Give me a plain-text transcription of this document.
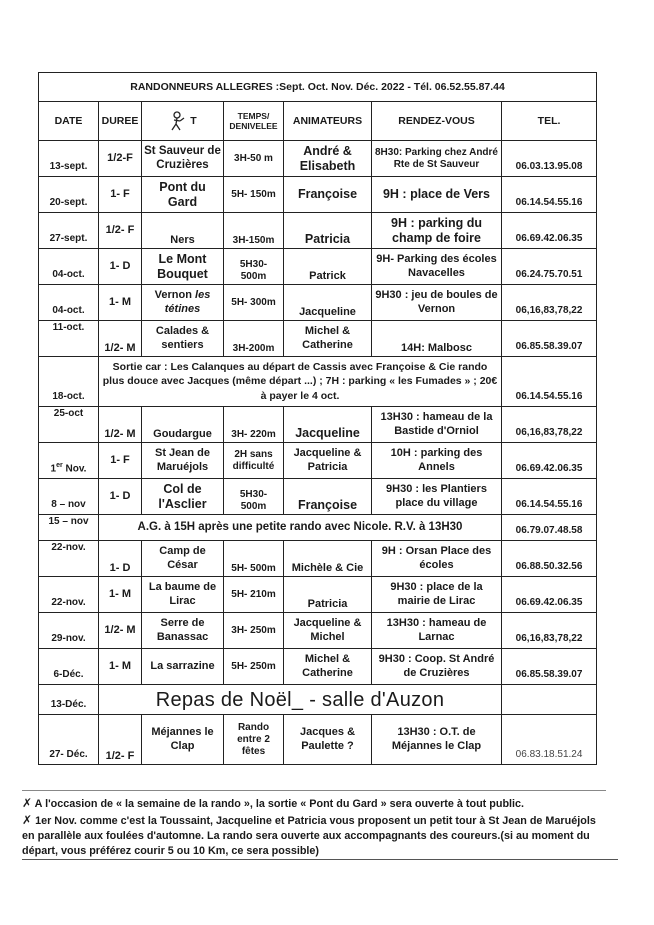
RANDONNEURS ALLEGRES :Sept. Oct. Nov. Déc. 2022 - Tél. 06.52.55.87.44						
DATE	DUREE	T	TEMPS/ DENIVELEE	ANIMATEURS	RENDEZ-VOUS	TEL.
13-sept.	1/2-F	St Sauveur de Cruzières	3H-50 m	André & Elisabeth	8H30: Parking chez André Rte de St Sauveur	06.03.13.95.08
20-sept.	1- F	Pont du Gard	5H- 150m	Françoise	9H : place de Vers	06.14.54.55.16
27-sept.	1/2- F	Ners	3H-150m	Patricia	9H : parking du champ de foire	06.69.42.06.35
04-oct.	1- D	Le Mont Bouquet	5H30- 500m	Patrick	9H- Parking des écoles Navacelles	06.24.75.70.51
04-oct.	1- M	Vernon les tétines	5H- 300m	Jacqueline	9H30 : jeu de boules de Vernon	06,16,83,78,22
11-oct.	1/2- M	Calades & sentiers	3H-200m	Michel & Catherine	14H: Malbosc	06.85.58.39.07
18-oct.	Sortie car : Les Calanques au départ de Cassis avec Françoise & Cie rando plus douce avec Jacques (même départ ...) ; 7H : parking « les Fumades » ; 20€ à payer le 4 oct.					06.14.54.55.16
25-oct	1/2- M	Goudargue	3H- 220m	Jacqueline	13H30 : hameau de la Bastide d'Orniol	06,16,83,78,22
1er Nov.	1- F	St Jean de Maruéjols	2H sans difficulté	Jacqueline & Patricia	10H : parking des Annels	06.69.42.06.35
8 – nov	1- D	Col de l'Asclier	5H30- 500m	Françoise	9H30 : les Plantiers place du village	06.14.54.55.16
15 – nov	A.G. à 15H après une petite rando avec Nicole. R.V. à 13H30					06.79.07.48.58
22-nov.	1- D	Camp de César	5H- 500m	Michèle & Cie	9H : Orsan Place des écoles	06.88.50.32.56
22-nov.	1- M	La baume de Lirac	5H- 210m	Patricia	9H30 : place de la mairie de Lirac	06.69.42.06.35
29-nov.	1/2- M	Serre de Banassac	3H- 250m	Jacqueline & Michel	13H30 : hameau de Larnac	06,16,83,78,22
6-Déc.	1- M	La sarrazine	5H- 250m	Michel & Catherine	9H30 : Coop. St André de Cruzières	06.85.58.39.07
13-Déc.	Repas de Noël_ - salle d'Auzon					
27- Déc.	1/2- F	Méjannes le Clap	Rando entre 2 fêtes	Jacques & Paulette ?	13H30 : O.T. de Méjannes le Clap	06.83.18.51.24

✗ A l'occasion de « la semaine de la rando », la sortie « Pont du Gard » sera ouverte à tout public.

✗ 1er Nov. comme c'est la Toussaint, Jacqueline et Patricia vous proposent un petit tour à St Jean de Maruéjols en parallèle aux foulées d'automne. La rando sera ouverte aux accompagnants des coureurs.(si au moment du départ, vous préférez courir 5 ou 10 Km, ce sera possible)
